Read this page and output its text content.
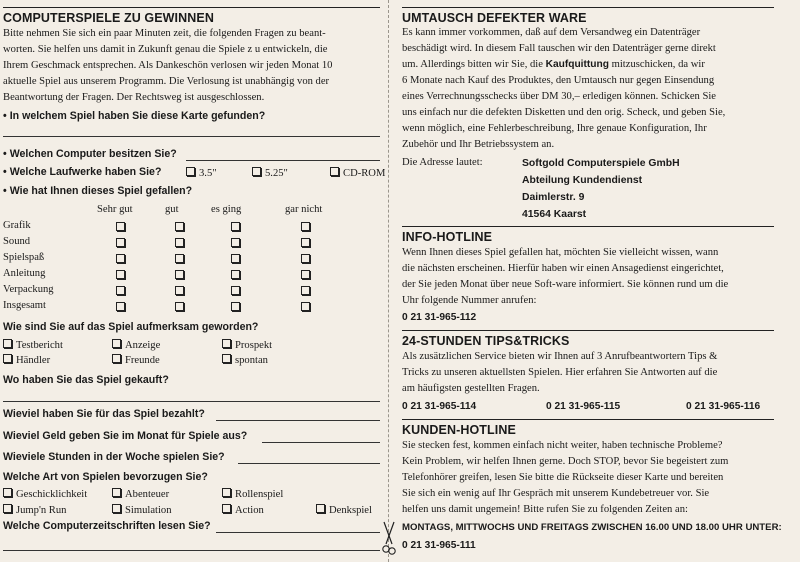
COMPUTERSPIELE ZU GEWINNEN

Bitte nehmen Sie sich ein paar Minuten zeit, die folgenden Fragen zu beant-

worten. Sie helfen uns damit in Zukunft genau die Spiele z u entwickeln, die

Ihrem Geschmack entsprechen. Als Dankeschön verlosen wir jeden Monat 10

aktuelle Spiel aus unserem Programm. Die Verlosung ist unabhängig von der

Beantwortung der Fragen. Der Rechtsweg ist ausgeschlossen.

• In welchem Spiel haben Sie diese Karte gefunden?
• Welchen Computer besitzen Sie?
• Welche Laufwerke haben Sie?	3.5"	5.25"	CD-ROM
• Wie hat Ihnen dieses Spiel gefallen?
Sehr gut	gut	es ging	gar nicht
Grafik
Sound
Spielspaß
Anleitung
Verpackung
Insgesamt
Wie sind Sie auf das Spiel aufmerksam geworden?
Testbericht	Anzeige	Prospekt
Händler	Freunde	spontan
Wo haben Sie das Spiel gekauft?
Wieviel haben Sie für das Spiel bezahlt?
Wieviel Geld geben Sie im Monat für Spiele aus?
Wieviele Stunden in der Woche spielen Sie?
Welche Art von Spielen bevorzugen Sie?
Geschicklichkeit	Abenteuer	Rollenspiel
Jump'n Run	Simulation	Action	Denkspiel
Welche Computerzeitschriften lesen Sie?
UMTAUSCH DEFEKTER WARE

Es kann immer vorkommen, daß auf dem Versandweg ein Datenträger

beschädigt wird. In diesem Fall tauschen wir den Datenträger gerne direkt

um. Allerdings bitten wir Sie, die Kaufquittung mitzuschicken, da wir

6 Monate nach Kauf des Produktes, den Umtausch nur gegen Einsendung

eines Verrechnungsschecks über DM 30,– erledigen können. Schicken Sie

uns einfach nur die defekten Disketten und den orig. Scheck, und geben Sie,

wenn möglich, eine Fehlerbeschreibung, Ihre genaue Konfiguration, Ihr

Zubehör und Ihr Betriebssystem an.

Die Adresse lautet:	Softgold Computerspiele GmbH
Abteilung Kundendienst
Daimlerstr. 9
41564 Kaarst
INFO-HOTLINE

Wenn Ihnen dieses Spiel gefallen hat, möchten Sie vielleicht wissen, wann

die nächsten erscheinen. Hierfür haben wir einen Ansagedienst eingerichtet,

der Sie jeden Monat über neue Soft-ware informiert. Sie können rund um die

Uhr folgende Nummer anrufen:

0 21 31-965-112
24-STUNDEN TIPS&TRICKS

Als zusätzlichen Service bieten wir Ihnen auf 3 Anrufbeantwortern Tips &

Tricks zu unseren aktuellsten Spielen. Hier erfahren Sie Antworten auf die

am häufigsten gestellten Fragen.

0 21 31-965-114	0 21 31-965-115	0 21 31-965-116
KUNDEN-HOTLINE

Sie stecken fest, kommen einfach nicht weiter, haben technische Probleme?

Kein Problem, wir helfen Ihnen gerne. Doch STOP, bevor Sie begeistert zum

Telefonhörer greifen, lesen Sie bitte die Rückseite dieser Karte und bereiten

Sie sich ein wenig auf Ihr Gespräch mit unserem Kundebetreuer vor. Sie

helfen uns damit ungemein! Bitte rufen Sie zu folgenden Zeiten an:

MONTAGS, MITTWOCHS UND FREITAGS ZWISCHEN 16.00 UND 18.00 UHR UNTER:
0 21 31-965-111
